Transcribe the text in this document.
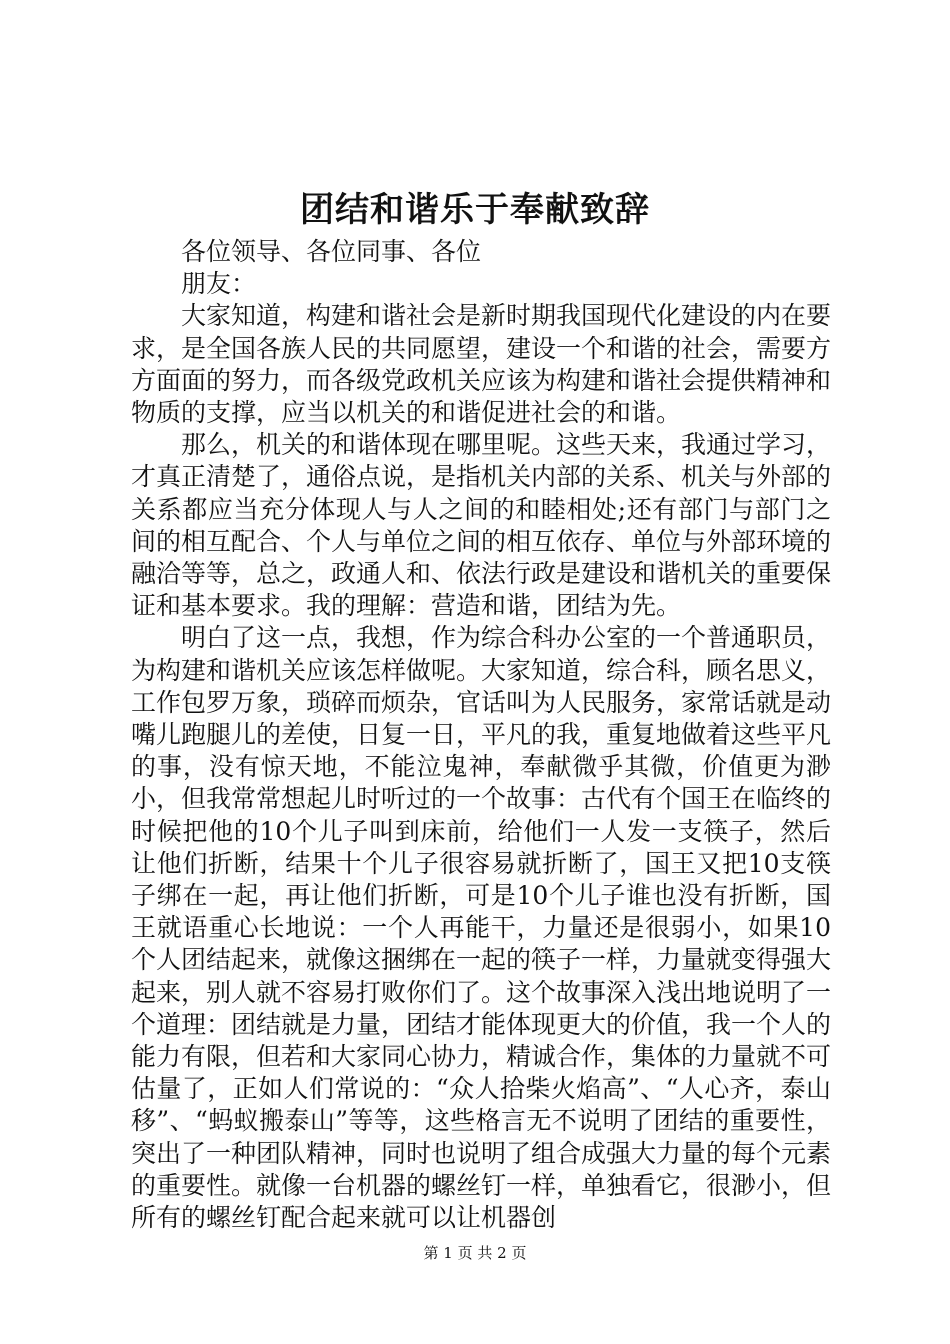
团结和谐乐于奉献致辞
各位领导、各位同事、各位
朋友：

大家知道，构建和谐社会是新时期我国现代化建设的内在要求，是全国各族人民的共同愿望，建设一个和谐的社会，需要方方面面的努力，而各级党政机关应该为构建和谐社会提供精神和物质的支撑，应当以机关的和谐促进社会的和谐。

那么，机关的和谐体现在哪里呢。这些天来，我通过学习，才真正清楚了，通俗点说，是指机关内部的关系、机关与外部的关系都应当充分体现人与人之间的和睦相处;还有部门与部门之间的相互配合、个人与单位之间的相互依存、单位与外部环境的融洽等等，总之，政通人和、依法行政是建设和谐机关的重要保证和基本要求。我的理解：营造和谐，团结为先。

明白了这一点，我想，作为综合科办公室的一个普通职员，为构建和谐机关应该怎样做呢。大家知道，综合科，顾名思义，工作包罗万象，琐碎而烦杂，官话叫为人民服务，家常话就是动嘴儿跑腿儿的差使，日复一日，平凡的我，重复地做着这些平凡的事，没有惊天地，不能泣鬼神，奉献微乎其微，价值更为渺小，但我常常想起儿时听过的一个故事：古代有个国王在临终的时候把他的10个儿子叫到床前，给他们一人发一支筷子，然后让他们折断，结果十个儿子很容易就折断了，国王又把10支筷子绑在一起，再让他们折断，可是10个儿子谁也没有折断，国王就语重心长地说：一个人再能干，力量还是很弱小，如果10个人团结起来，就像这捆绑在一起的筷子一样，力量就变得强大起来，别人就不容易打败你们了。这个故事深入浅出地说明了一个道理：团结就是力量，团结才能体现更大的价值，我一个人的能力有限，但若和大家同心协力，精诚合作，集体的力量就不可估量了，正如人们常说的：“众人拾柴火焰高”、“人心齐，泰山移”、“蚂蚁搬泰山”等等，这些格言无不说明了团结的重要性，突出了一种团队精神，同时也说明了组合成强大力量的每个元素的重要性。就像一台机器的螺丝钉一样，单独看它，很渺小，但所有的螺丝钉配合起来就可以让机器创

第 1 页 共 2 页
